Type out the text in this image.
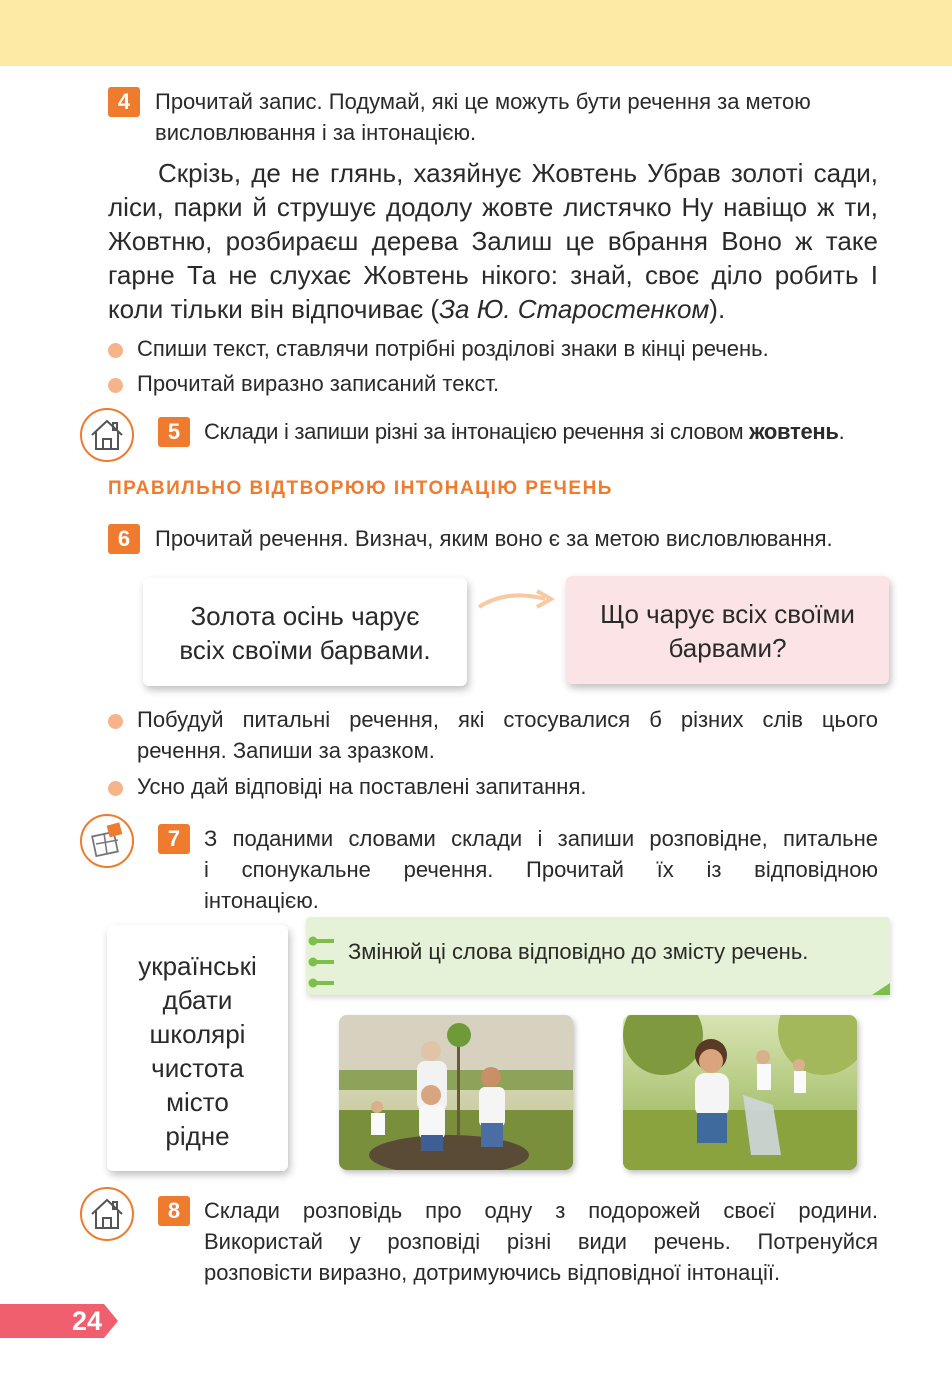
4	Прочитай запис. Подумай, які це можуть бути речення за метою
висловлювання і за інтонацією.
Скрізь, де не глянь, хазяйнує Жовтень Убрав золоті сади, ліси, парки й струшує додолу жовте листячко Ну навіщо ж ти, Жовтню, розбираєш дерева Залиш це вбрання Воно ж таке гарне Та не слухає Жовтень нікого: знай, своє діло робить І коли тільки він відпочиває (За Ю. Старостенком).
Спиши текст, ставлячи потрібні розділові знаки в кінці речень.
Прочитай виразно записаний текст.
5	Склади і запиши різні за інтонацією речення зі словом жовтень.
ПРАВИЛЬНО ВІДТВОРЮЮ ІНТОНАЦІЮ РЕЧЕНЬ
6	Прочитай речення. Визнач, яким воно є за метою висловлювання.
Золота осінь чарує
всіх своїми барвами.
Що чарує всіх своїми
барвами?
Побудуй питальні речення, які стосувалися б різних слів цього
речення. Запиши за зразком.
Усно дай відповіді на поставлені запитання.
7	З поданими словами склади і запиши розповідне, питальне
і спонукальне речення. Прочитай їх із відповідною
інтонацією.
українські
дбати
школярі
чистота
місто
рідне
Змінюй ці слова відповідно до змісту речень.
8	Склади розповідь про одну з подорожей своєї родини.
Використай у розповіді різні види речень. Потренуйся
розповісти виразно, дотримуючись відповідної інтонації.
24
